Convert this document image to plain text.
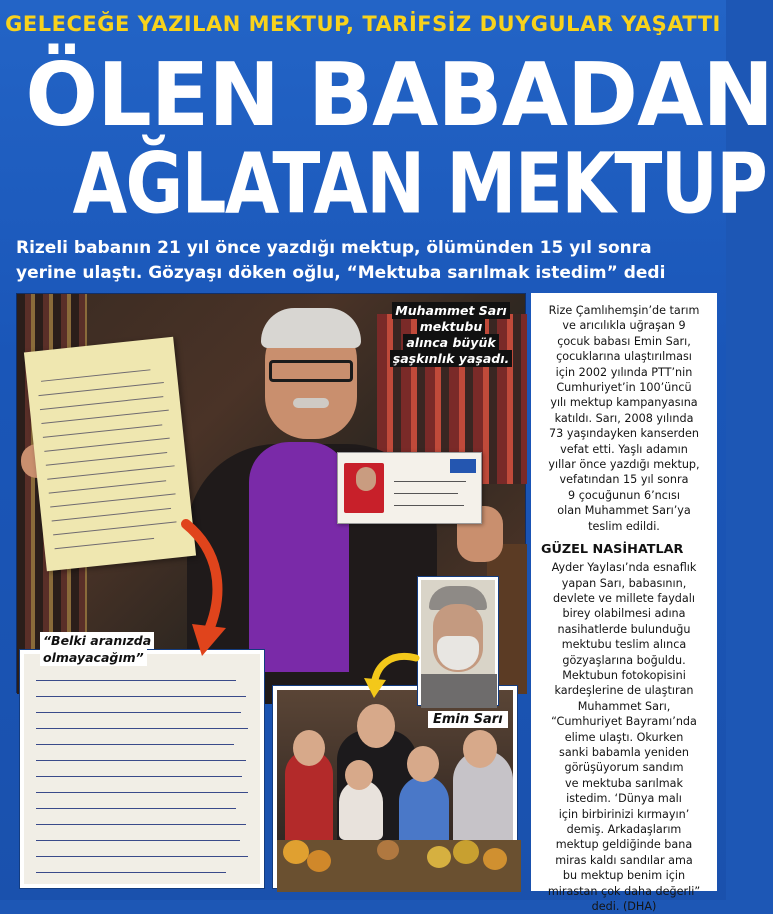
GELECEĞE YAZILAN MEKTUP, TARİFSİZ DUYGULAR YAŞATTI
ÖLEN BABADAN
AĞLATAN MEKTUP
Rizeli babanın 21 yıl önce yazdığı mektup, ölümünden 15 yıl sonra
yerine ulaştı. Gözyaşı döken oğlu, “Mektuba sarılmak istedim” dedi
Muhammet Sarı
mektubu
alınca büyük
şaşkınlık yaşadı.
“Belki aranızda
olmayacağım”
Emin Sarı
Rize Çamlıhemşin’de tarım
ve arıcılıkla uğraşan 9
çocuk babası Emin Sarı,
çocuklarına ulaştırılması
için 2002 yılında PTT’nin
Cumhuriyet’in 100’üncü
yılı mektup kampanyasına
katıldı. Sarı, 2008 yılında
73 yaşındayken kanserden
vefat etti. Yaşlı adamın
yıllar önce yazdığı mektup,
vefatından 15 yıl sonra
9 çocuğunun 6’ncısı
olan Muhammet Sarı’ya
teslim edildi.
GÜZEL NASİHATLAR
Ayder Yaylası’nda esnaflık
yapan Sarı, babasının,
devlete ve millete faydalı
birey olabilmesi adına
nasihatlerde bulunduğu
mektubu teslim alınca
gözyaşlarına boğuldu.
Mektubun fotokopisini
kardeşlerine de ulaştıran
Muhammet Sarı,
“Cumhuriyet Bayramı’nda
elime ulaştı. Okurken
sanki babamla yeniden
görüşüyorum sandım
ve mektuba sarılmak
istedim. ‘Dünya malı
için birbirinizi kırmayın’
demiş. Arkadaşlarım
mektup geldiğinde bana
miras kaldı sandılar ama
bu mektup benim için
mirastan çok daha değerli”
dedi. (DHA)
